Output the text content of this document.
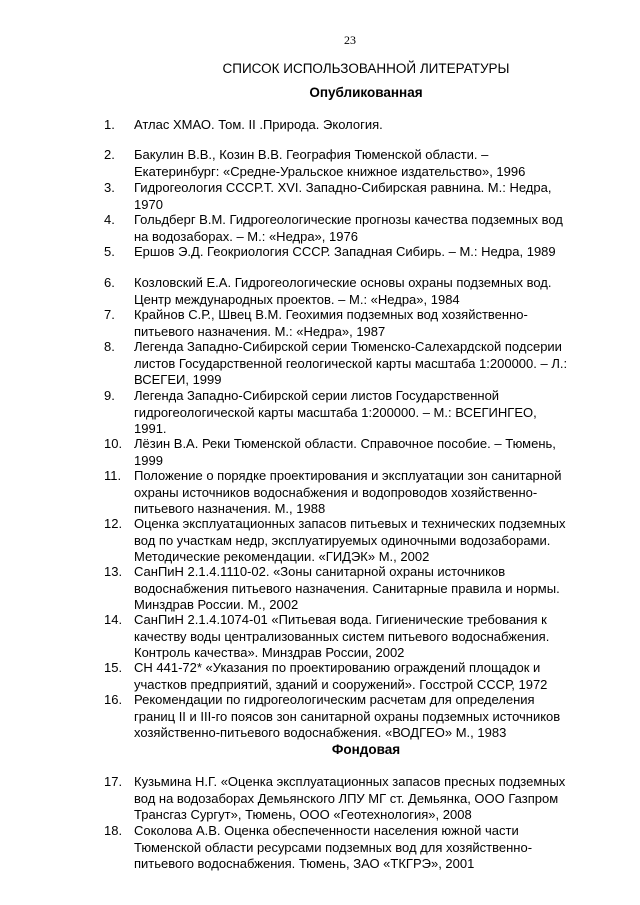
23
СПИСОК ИСПОЛЬЗОВАННОЙ ЛИТЕРАТУРЫ
Опубликованная
1. Атлас ХМАО. Том. II .Природа. Экология.
2. Бакулин В.В., Козин В.В. География Тюменской области. –
Екатеринбург: «Средне-Уральское книжное издательство», 1996
3. Гидрогеология СССР.Т. XVI. Западно-Сибирская равнина. М.: Недра,
1970
4. Гольдберг В.М. Гидрогеологические прогнозы качества подземных вод
на водозаборах. – М.: «Недра», 1976
5. Ершов Э.Д. Геокриология СССР. Западная Сибирь. – М.: Недра, 1989
6. Козловский Е.А. Гидрогеологические основы охраны подземных вод.
Центр международных проектов. – М.: «Недра», 1984
7. Крайнов С.Р., Швец В.М. Геохимия подземных вод хозяйственно-
питьевого назначения. М.: «Недра», 1987
8. Легенда Западно-Сибирской серии Тюменско-Салехардской подсерии
листов Государственной геологической карты масштаба 1:200000. – Л.:
ВСЕГЕИ, 1999
9. Легенда Западно-Сибирской серии листов Государственной
гидрогеологической карты масштаба 1:200000. – М.: ВСЕГИНГЕО,
1991.
10. Лёзин В.А. Реки Тюменской области. Справочное пособие. – Тюмень,
1999
11. Положение о порядке проектирования и эксплуатации зон санитарной
охраны источников водоснабжения и водопроводов хозяйственно-
питьевого назначения. М., 1988
12. Оценка эксплуатационных запасов питьевых и технических подземных
вод по участкам недр, эксплуатируемых одиночными водозаборами.
Методические рекомендации. «ГИДЭК» М., 2002
13. СанПиН 2.1.4.1110-02. «Зоны санитарной охраны источников
водоснабжения питьевого назначения. Санитарные правила и нормы.
Минздрав России. М., 2002
14. СанПиН 2.1.4.1074-01 «Питьевая вода. Гигиенические требования к
качеству воды централизованных систем питьевого водоснабжения.
Контроль качества». Минздрав России, 2002
15. СН 441-72* «Указания по проектированию ограждений площадок и
участков предприятий, зданий и сооружений». Госстрой СССР, 1972
16. Рекомендации по гидрогеологическим расчетам для определения
границ II и III-го поясов зон санитарной охраны подземных источников
хозяйственно-питьевого водоснабжения. «ВОДГЕО» М., 1983
Фондовая
17. Кузьмина Н.Г. «Оценка эксплуатационных запасов пресных подземных
вод на водозаборах Демьянского ЛПУ МГ ст. Демьянка, ООО Газпром
Трансгаз Сургут», Тюмень, ООО «Геотехнология», 2008
18. Соколова А.В. Оценка обеспеченности населения южной части
Тюменской области ресурсами подземных вод для хозяйственно-
питьевого водоснабжения. Тюмень, ЗАО «ТКГРЭ», 2001
